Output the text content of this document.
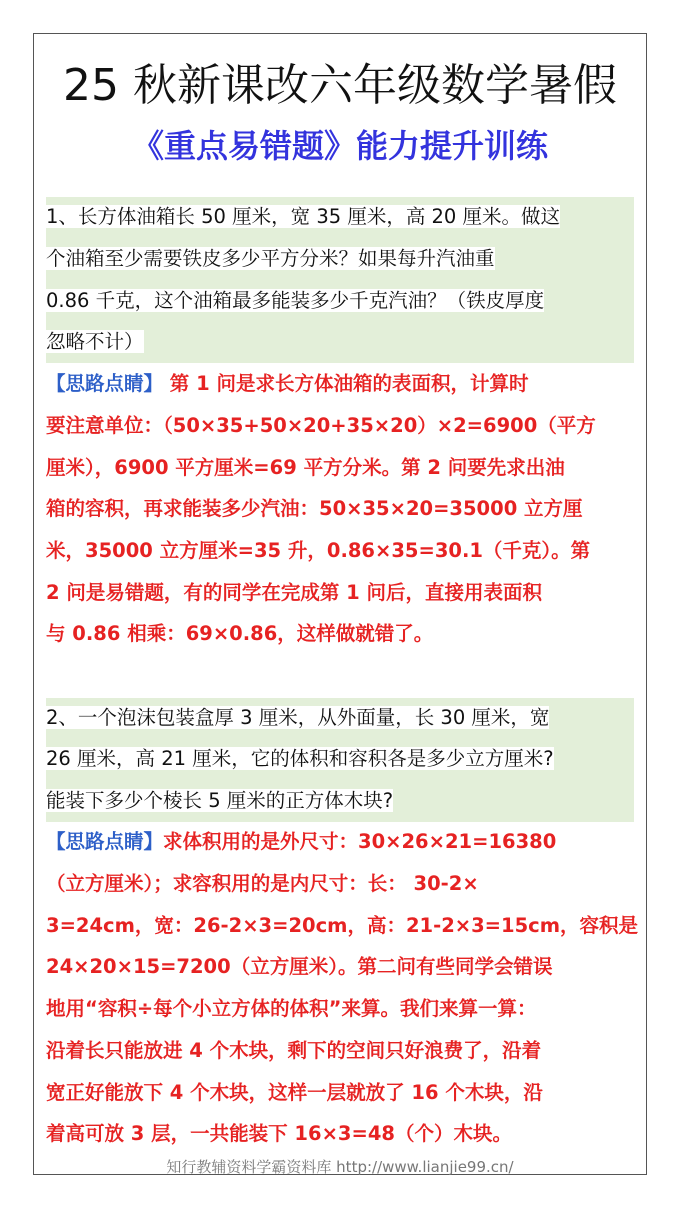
25 秋新课改六年级数学暑假
《重点易错题》能力提升训练
1、长方体油箱长 50 厘米，宽 35 厘米，高 20 厘米。做这
个油箱至少需要铁皮多少平方分米？如果每升汽油重
0.86 千克，这个油箱最多能装多少千克汽油？（铁皮厚度
忽略不计）
【思路点睛】 第 1 问是求长方体油箱的表面积，计算时
要注意单位：（50×35+50×20+35×20）×2=6900（平方
厘米），6900 平方厘米=69 平方分米。第 2 问要先求出油
箱的容积，再求能装多少汽油：50×35×20=35000 立方厘
米，35000 立方厘米=35 升，0.86×35=30.1（千克）。第
2 问是易错题，有的同学在完成第 1 问后，直接用表面积
与 0.86 相乘：69×0.86，这样做就错了。
2、一个泡沫包装盒厚 3 厘米，从外面量，长 30 厘米，宽
26 厘米，高 21 厘米，它的体积和容积各是多少立方厘米?
能装下多少个棱长 5 厘米的正方体木块?
【思路点睛】求体积用的是外尺寸：30×26×21=16380
（立方厘米）；求容积用的是内尺寸：长： 30-2×
3=24cm，宽：26-2×3=20cm，高：21-2×3=15cm，容积是
24×20×15=7200（立方厘米）。第二问有些同学会错误
地用“容积÷每个小立方体的体积”来算。我们来算一算：
沿着长只能放进 4 个木块，剩下的空间只好浪费了，沿着
宽正好能放下 4 个木块，这样一层就放了 16 个木块，沿
着高可放 3 层，一共能装下 16×3=48（个）木块。
知行教辅资料学霸资料库 http://www.lianjie99.cn/
